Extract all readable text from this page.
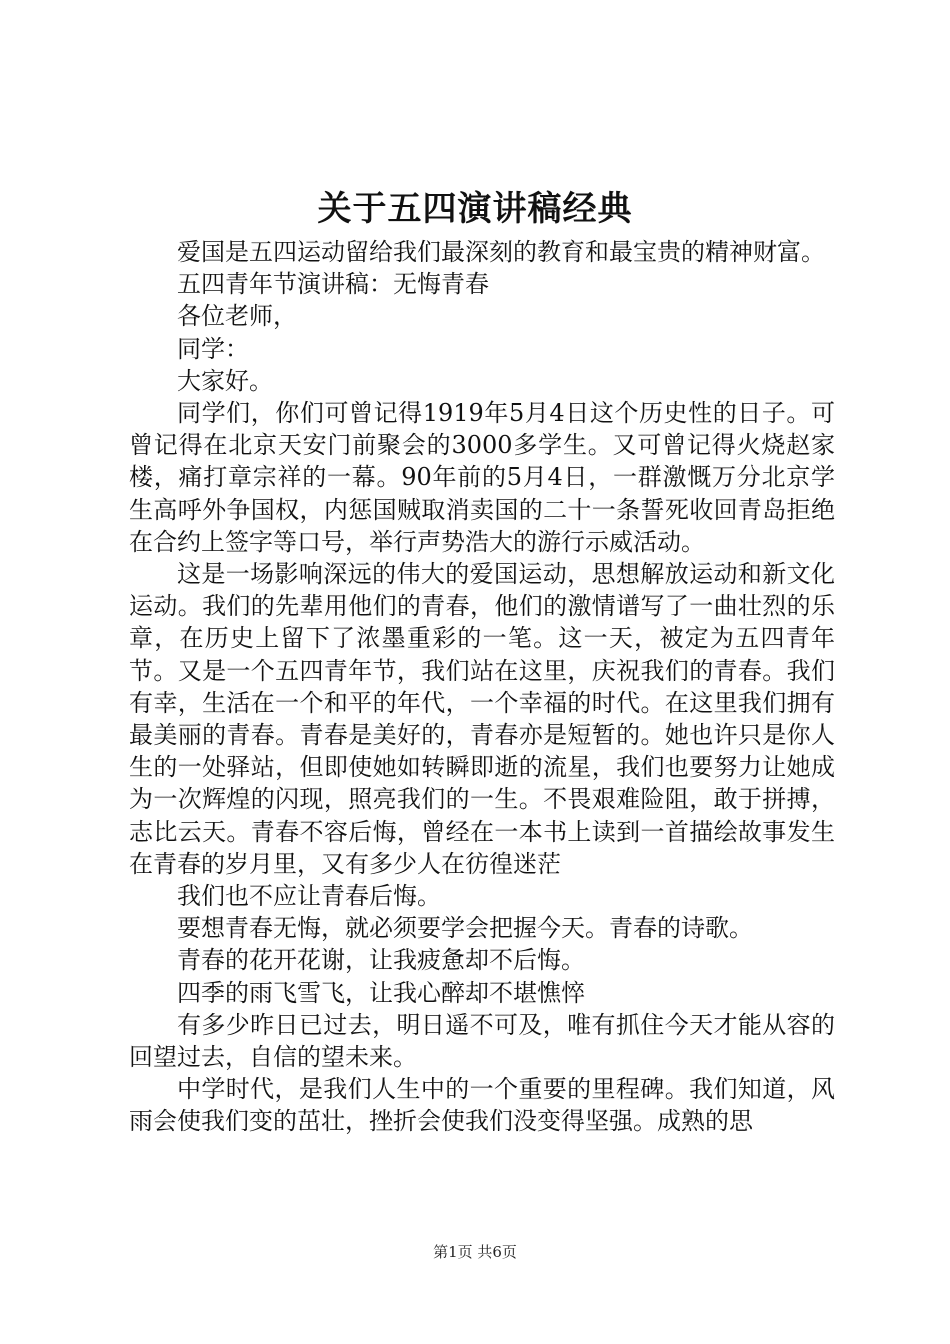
关于五四演讲稿经典

爱国是五四运动留给我们最深刻的教育和最宝贵的精神财富。

五四青年节演讲稿：无悔青春

各位老师，

同学：

大家好。

同学们，你们可曾记得1919年5月4日这个历史性的日子。可曾记得在北京天安门前聚会的3000多学生。又可曾记得火烧赵家楼，痛打章宗祥的一幕。90年前的5月4日，一群激慨万分北京学生高呼外争国权，内惩国贼取消卖国的二十一条誓死收回青岛拒绝在合约上签字等口号，举行声势浩大的游行示威活动。

这是一场影响深远的伟大的爱国运动，思想解放运动和新文化运动。我们的先辈用他们的青春，他们的激情谱写了一曲壮烈的乐章，在历史上留下了浓墨重彩的一笔。这一天，被定为五四青年节。又是一个五四青年节，我们站在这里，庆祝我们的青春。我们有幸，生活在一个和平的年代，一个幸福的时代。在这里我们拥有最美丽的青春。青春是美好的，青春亦是短暂的。她也许只是你人生的一处驿站，但即使她如转瞬即逝的流星，我们也要努力让她成为一次辉煌的闪现，照亮我们的一生。不畏艰难险阻，敢于拼搏，志比云天。青春不容后悔，曾经在一本书上读到一首描绘故事发生在青春的岁月里，又有多少人在彷徨迷茫

我们也不应让青春后悔。

要想青春无悔，就必须要学会把握今天。青春的诗歌。

青春的花开花谢，让我疲惫却不后悔。

四季的雨飞雪飞，让我心醉却不堪憔悴

有多少昨日已过去，明日遥不可及，唯有抓住今天才能从容的回望过去，自信的望未来。

中学时代，是我们人生中的一个重要的里程碑。我们知道，风雨会使我们变的茁壮，挫折会使我们没变得坚强。成熟的思

第1页 共6页
